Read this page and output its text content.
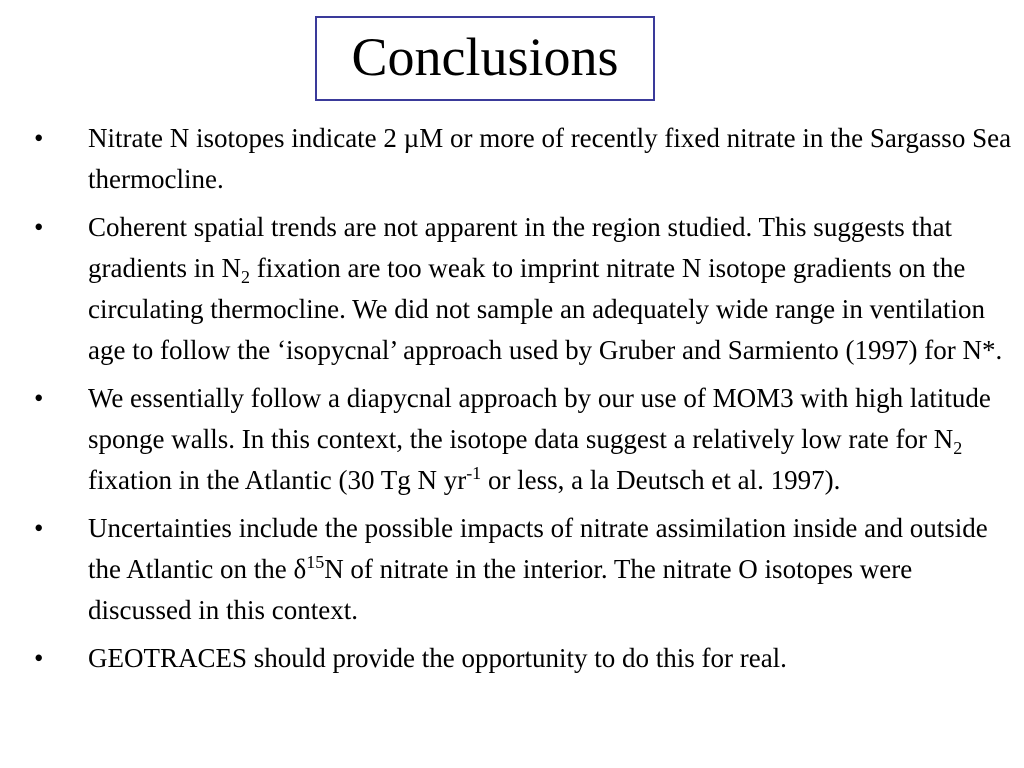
Conclusions
•	Nitrate N isotopes indicate 2 µM or more of recently fixed nitrate in the Sargasso Sea thermocline.
•	Coherent spatial trends are not apparent in the region studied. This suggests that gradients in $N_2$ fixation are too weak to imprint nitrate N isotope gradients on the circulating thermocline. We did not sample an adequately wide range in ventilation age to follow the ‘isopycnal’ approach used by Gruber and Sarmiento (1997) for N*.
•	We essentially follow a diapycnal approach by our use of MOM3 with high latitude sponge walls. In this context, the isotope data suggest a relatively low rate for $N_2$ fixation in the Atlantic (30 Tg N $yr^{-1}$ or less, a la Deutsch et al. 1997).
•	Uncertainties include the possible impacts of nitrate assimilation inside and outside the Atlantic on the $\delta^{15}N$ of nitrate in the interior. The nitrate O isotopes were discussed in this context.
•	GEOTRACES should provide the opportunity to do this for real.
